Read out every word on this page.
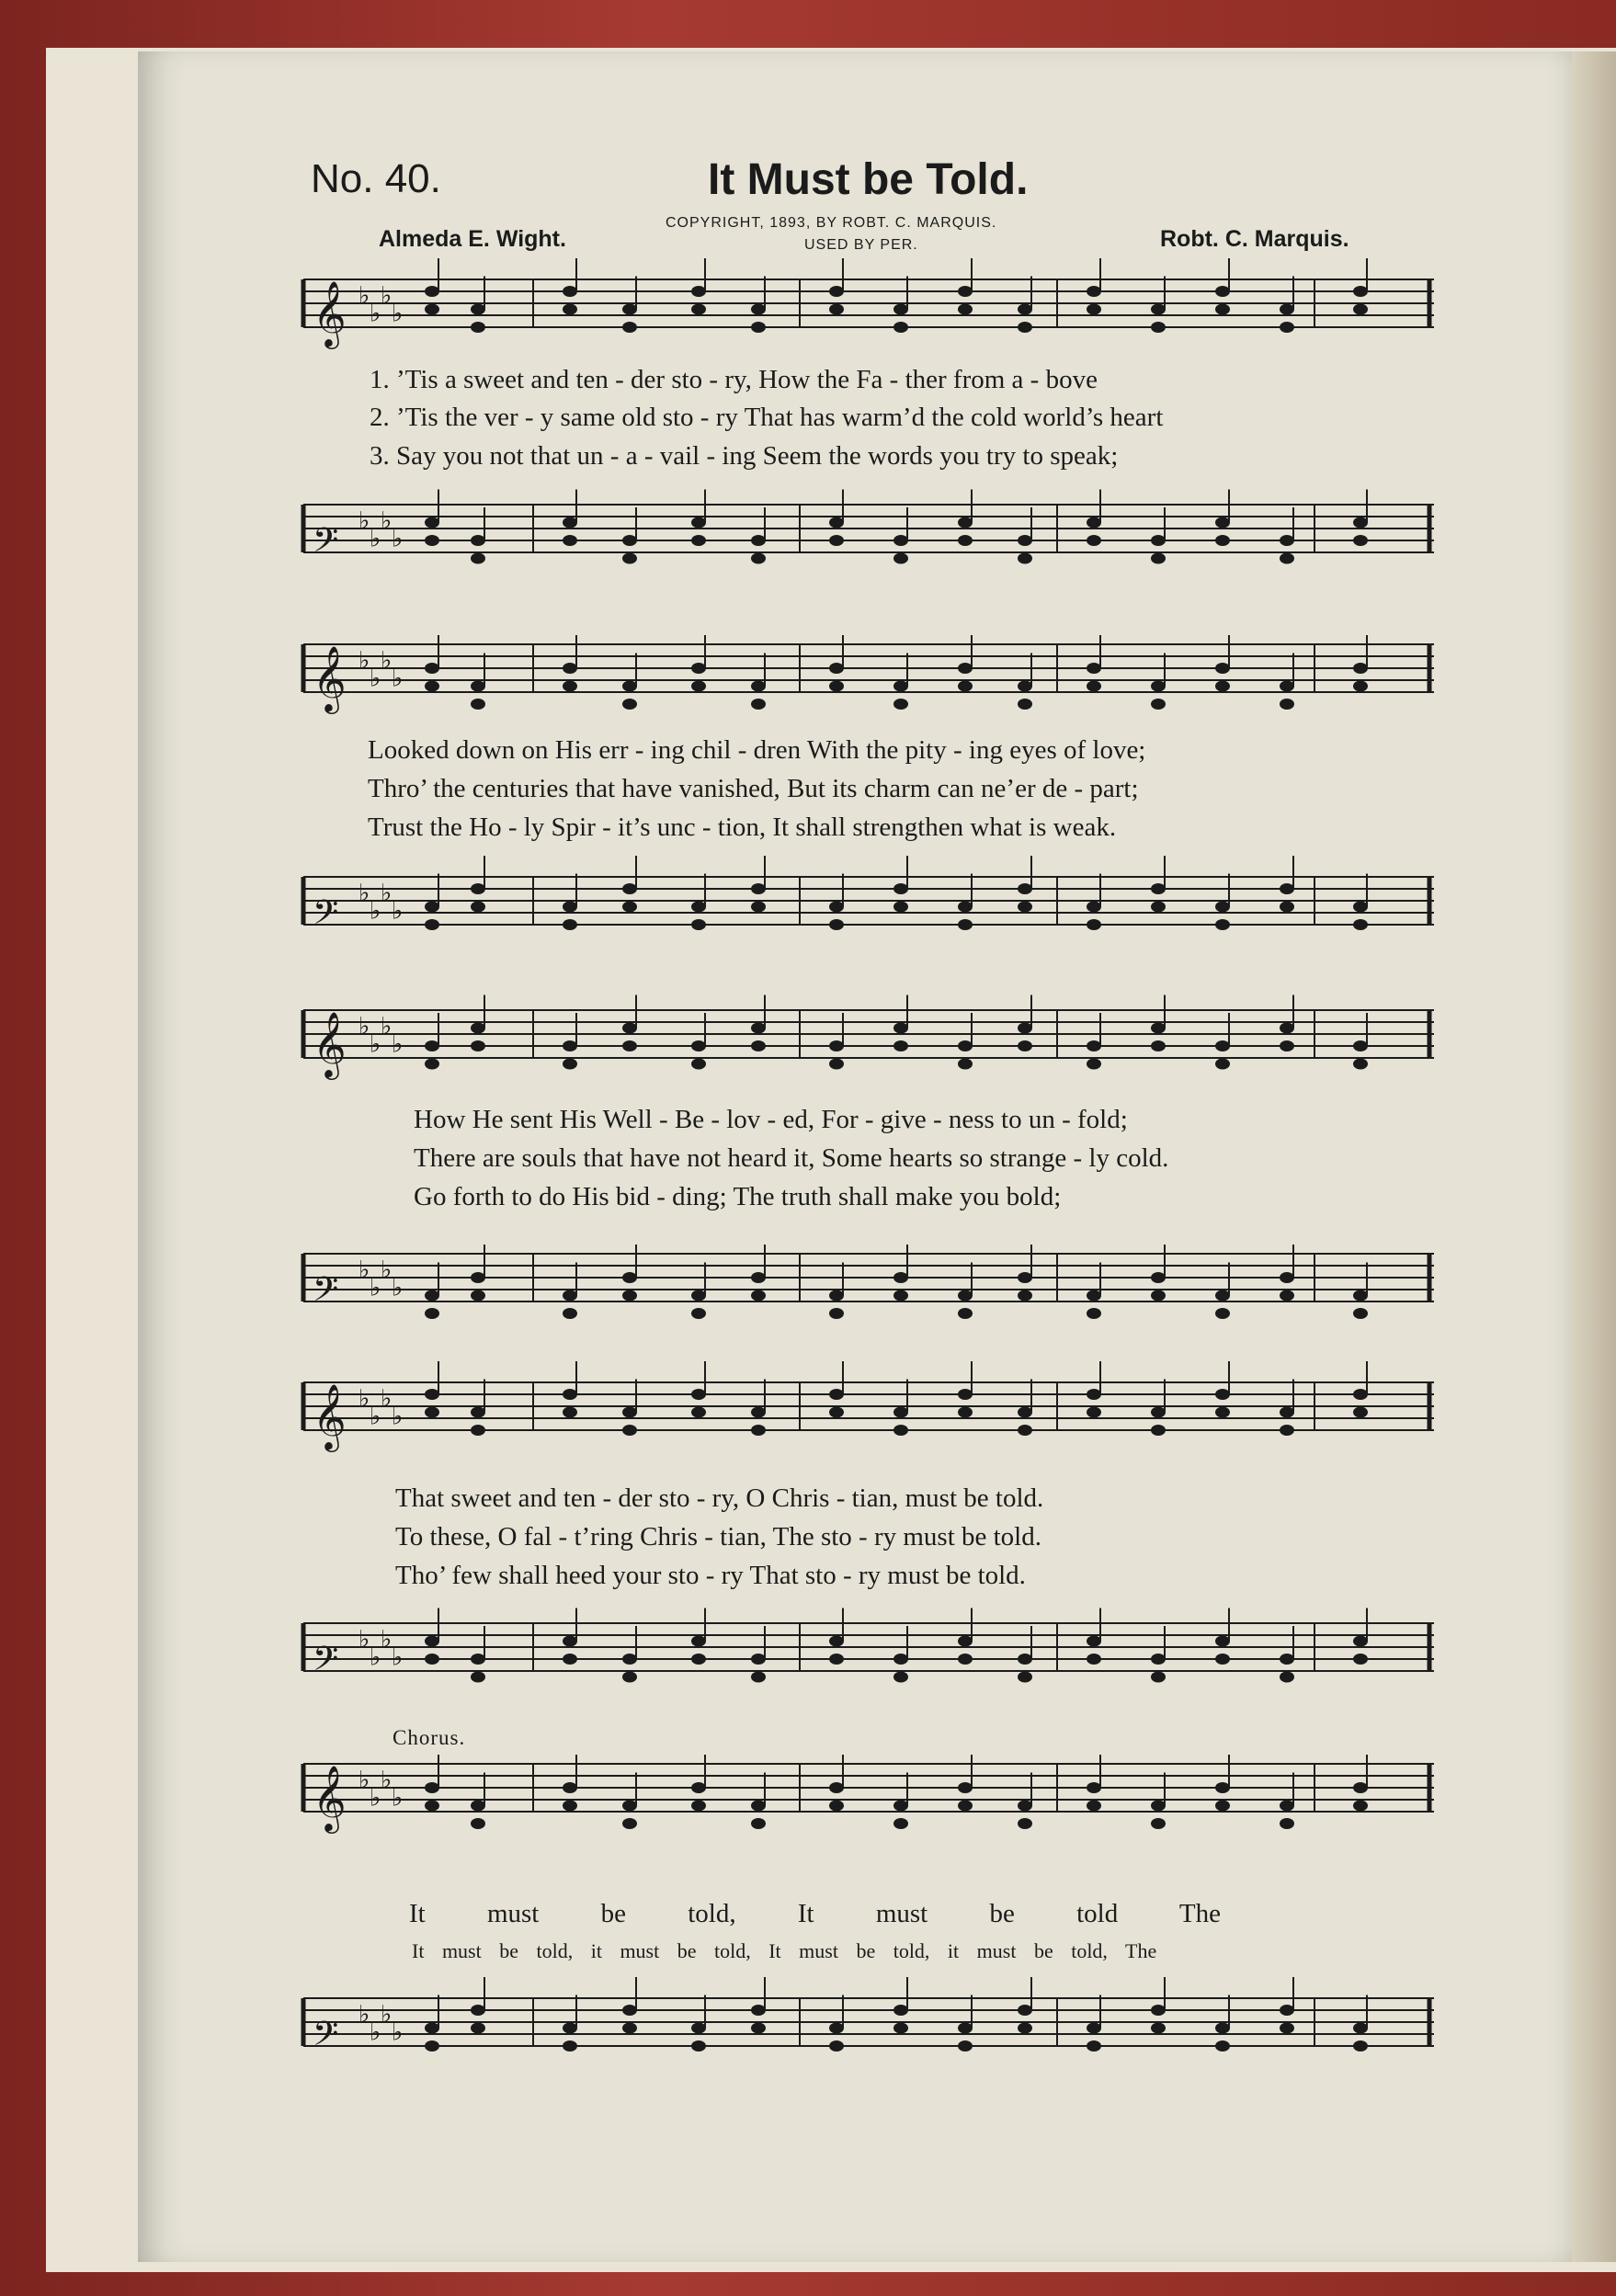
No. 40.	It Must be Told.
COPYRIGHT, 1893, BY ROBT. C. MARQUIS.
USED BY PER.
Almeda E. Wight.	Robt. C. Marquis.
𝄞 ♭
♭
♭
♭
1. ’Tis a sweet and ten - der sto - ry, How the Fa - ther from a - bove
2. ’Tis the ver - y same old sto - ry That has warm’d the cold world’s heart
3. Say you not that un - a - vail - ing Seem the words you try to speak;
𝄢 ♭
♭
♭
♭
𝄞 ♭
♭
♭
♭
Looked down on His err - ing chil - dren With the pity - ing eyes of love;
Thro’ the centuries that have vanished, But its charm can ne’er de - part;
Trust the Ho - ly Spir - it’s unc - tion, It shall strengthen what is weak.
𝄢 ♭
♭
♭
♭
𝄞 ♭
♭
♭
♭
How He sent His Well - Be - lov - ed, For - give - ness to un - fold;
There are souls that have not heard it, Some hearts so strange - ly cold.
Go forth to do His bid - ding; The truth shall make you bold;
𝄢 ♭
♭
♭
♭
𝄞 ♭
♭
♭
♭
That sweet and ten - der sto - ry, O Chris - tian, must be told.
To these, O fal - t’ring Chris - tian, The sto - ry must be told.
Tho’ few shall heed your sto - ry That sto - ry must be told.
𝄢 ♭
♭
♭
♭
Chorus.
𝄞 ♭
♭
♭
♭
It must be told, It must be told The
It must be told, it must be told, It must be told, it must be told, The
𝄢 ♭
♭
♭
♭
